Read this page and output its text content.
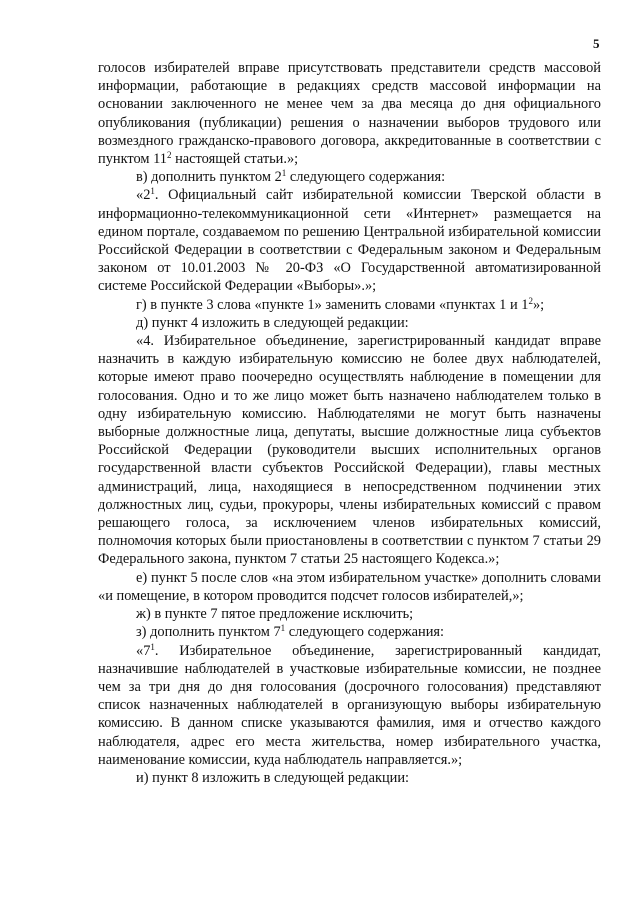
5

голосов избирателей вправе присутствовать представители средств массовой информации, работающие в редакциях средств массовой информации на основании заключенного не менее чем за два месяца до дня официального опубликования (публикации) решения о назначении выборов трудового или возмездного гражданско-правового договора, аккредитованные в соответствии с пунктом $11^2$ настоящей статьи.»;

в) дополнить пунктом $2^1$ следующего содержания:

«$2^1$. Официальный сайт избирательной комиссии Тверской области в информационно-телекоммуникационной сети «Интернет» размещается на едином портале, создаваемом по решению Центральной избирательной комиссии Российской Федерации в соответствии с Федеральным законом и Федеральным законом от 10.01.2003 № 20-ФЗ «О Государственной автоматизированной системе Российской Федерации «Выборы».»;

г) в пункте 3 слова «пункте 1» заменить словами «пунктах 1 и $1^2$»;

д) пункт 4 изложить в следующей редакции:

«4. Избирательное объединение, зарегистрированный кандидат вправе назначить в каждую избирательную комиссию не более двух наблюдателей, которые имеют право поочередно осуществлять наблюдение в помещении для голосования. Одно и то же лицо может быть назначено наблюдателем только в одну избирательную комиссию. Наблюдателями не могут быть назначены выборные должностные лица, депутаты, высшие должностные лица субъектов Российской Федерации (руководители высших исполнительных органов государственной власти субъектов Российской Федерации), главы местных администраций, лица, находящиеся в непосредственном подчинении этих должностных лиц, судьи, прокуроры, члены избирательных комиссий с правом решающего голоса, за исключением членов избирательных комиссий, полномочия которых были приостановлены в соответствии с пунктом 7 статьи 29 Федерального закона, пунктом 7 статьи 25 настоящего Кодекса.»;

е) пункт 5 после слов «на этом избирательном участке» дополнить словами «и помещение, в котором проводится подсчет голосов избирателей,»;

ж) в пункте 7 пятое предложение исключить;

з) дополнить пунктом $7^1$ следующего содержания:

«$7^1$. Избирательное объединение, зарегистрированный кандидат, назначившие наблюдателей в участковые избирательные комиссии, не позднее чем за три дня до дня голосования (досрочного голосования) представляют список назначенных наблюдателей в организующую выборы избирательную комиссию. В данном списке указываются фамилия, имя и отчество каждого наблюдателя, адрес его места жительства, номер избирательного участка, наименование комиссии, куда наблюдатель направляется.»;

и) пункт 8 изложить в следующей редакции:
